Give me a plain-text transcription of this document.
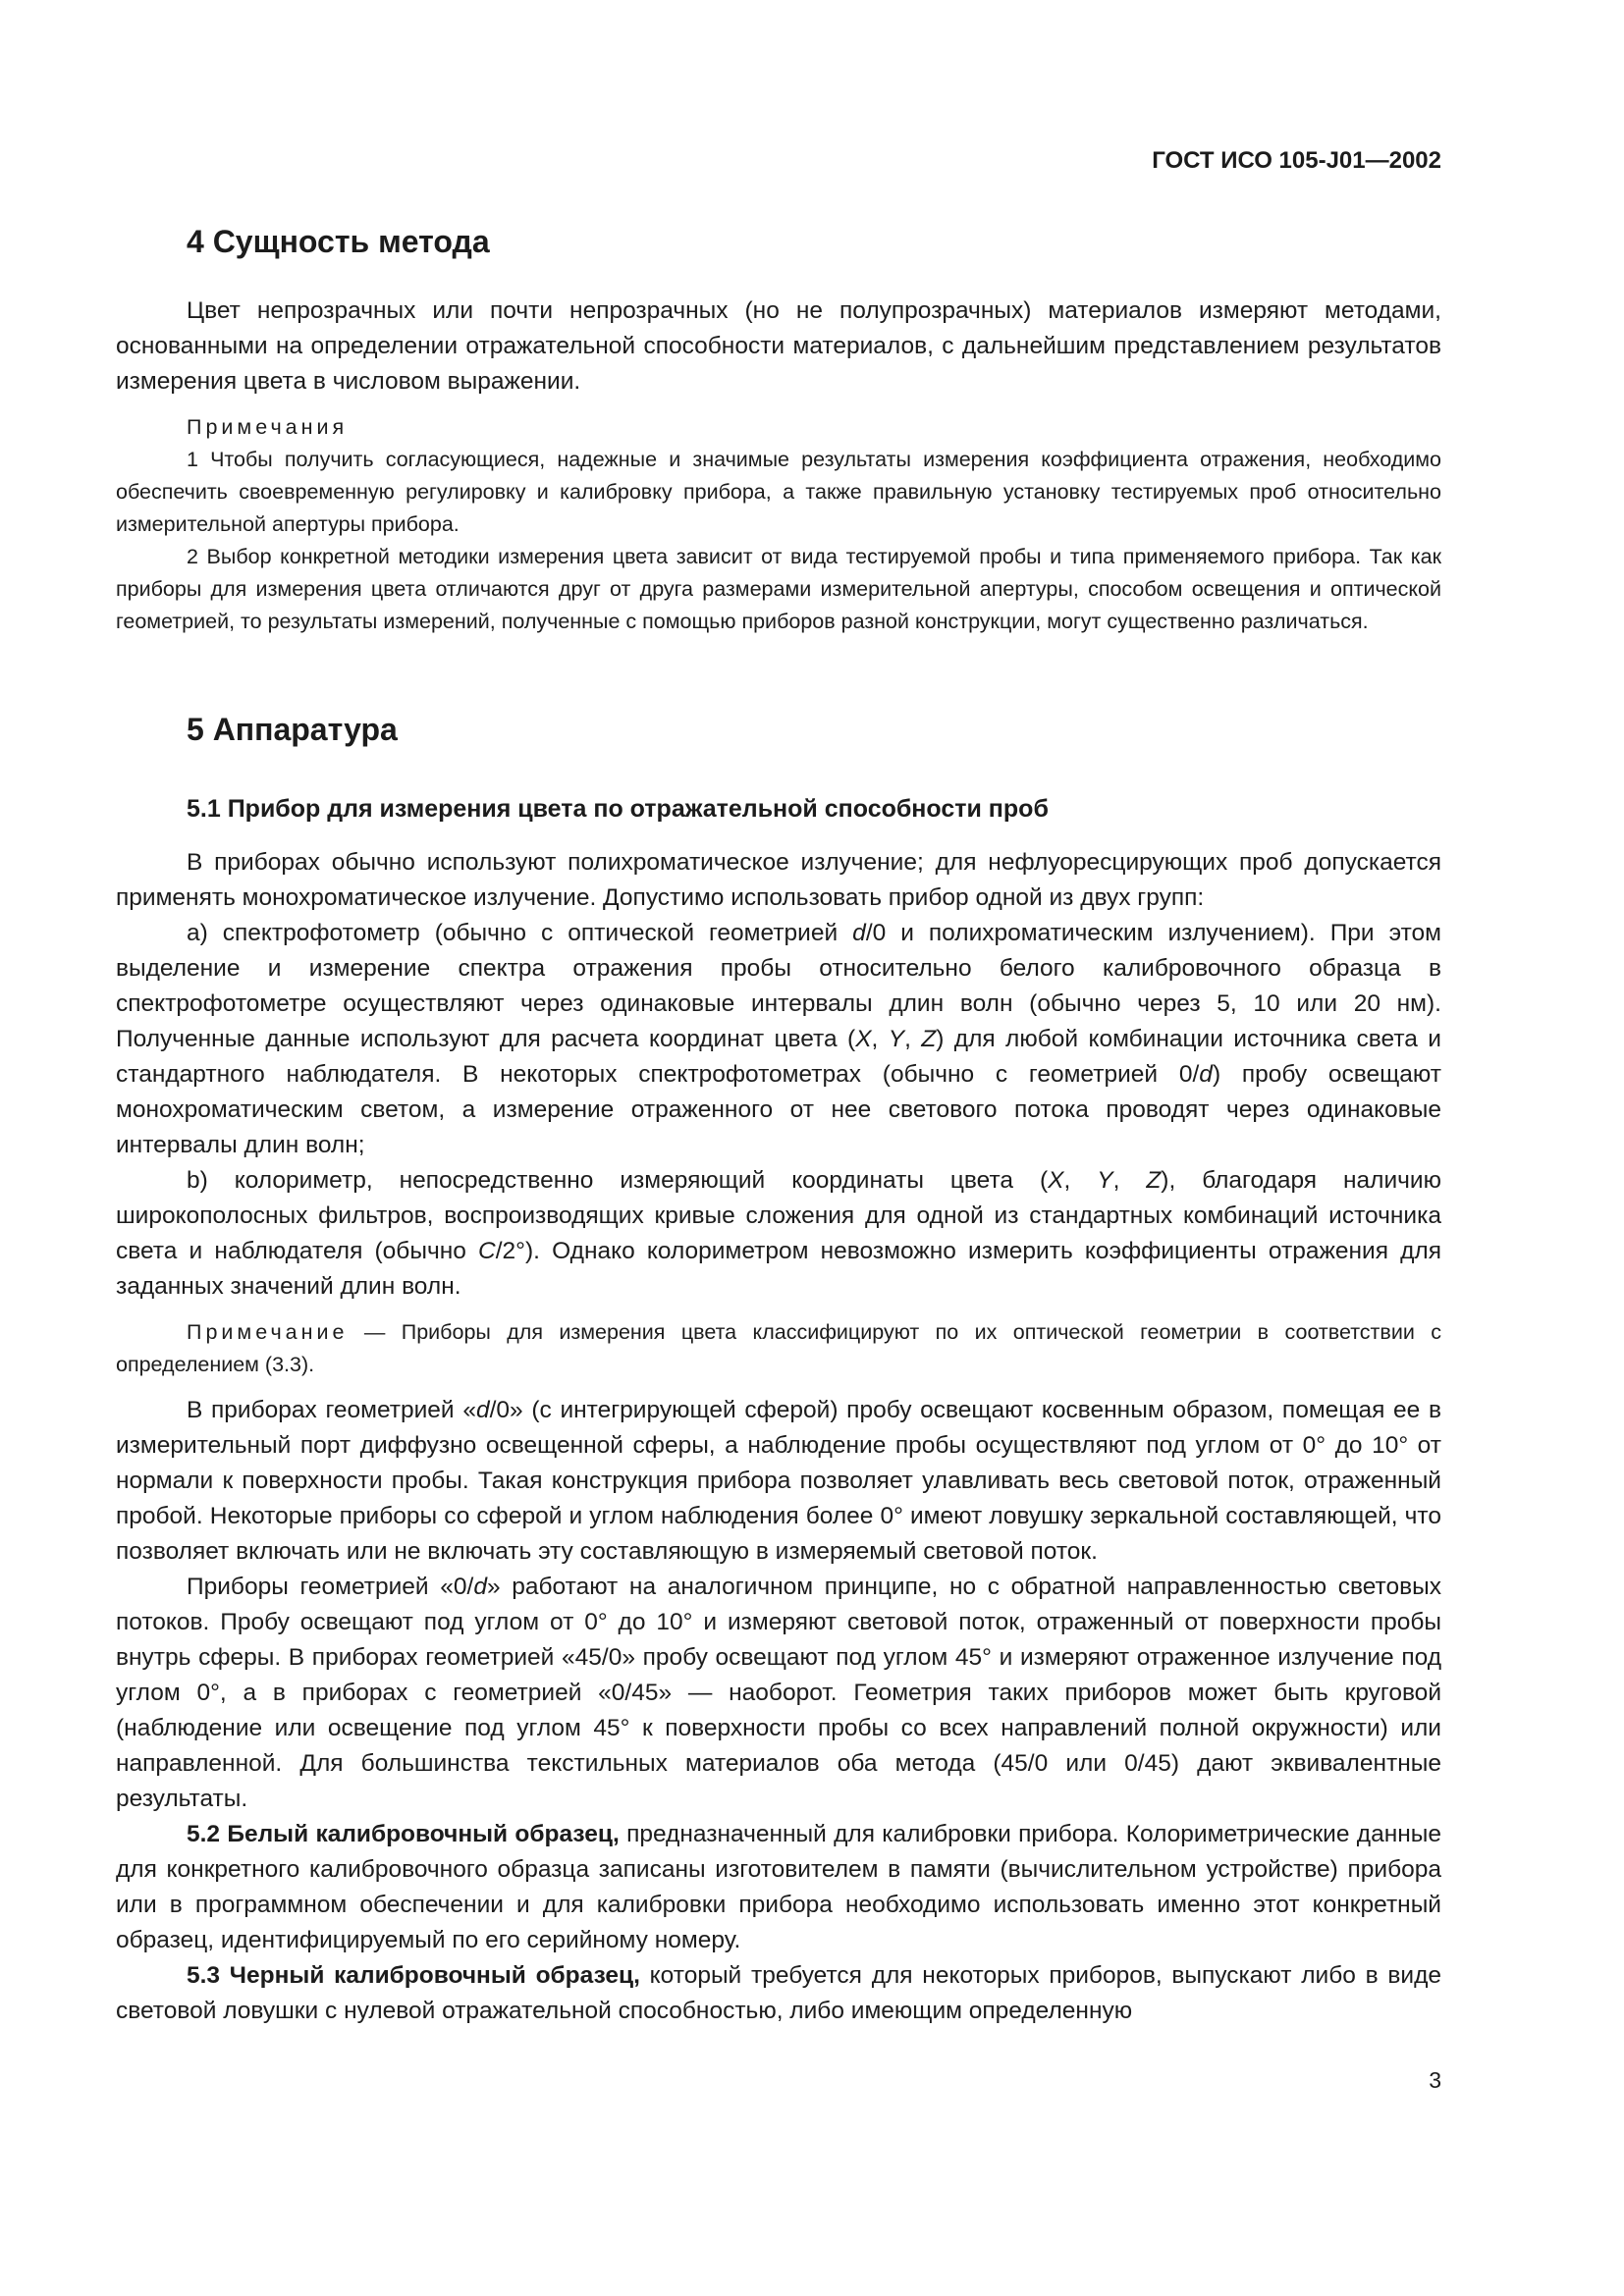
ГОСТ ИСО 105-J01—2002
4 Сущность метода

Цвет непрозрачных или почти непрозрачных (но не полупрозрачных) материалов измеряют методами, основанными на определении отражательной способности материалов, с дальнейшим представлением результатов измерения цвета в числовом выражении.

Примечания

1 Чтобы получить согласующиеся, надежные и значимые результаты измерения коэффициента отражения, необходимо обеспечить своевременную регулировку и калибровку прибора, а также правильную установку тестируемых проб относительно измерительной апертуры прибора.

2 Выбор конкретной методики измерения цвета зависит от вида тестируемой пробы и типа применяемого прибора. Так как приборы для измерения цвета отличаются друг от друга размерами измерительной апертуры, способом освещения и оптической геометрией, то результаты измерений, полученные с помощью приборов разной конструкции, могут существенно различаться.

5 Аппаратура
5.1 Прибор для измерения цвета по отражательной способности проб

В приборах обычно используют полихроматическое излучение; для нефлуоресцирующих проб допускается применять монохроматическое излучение. Допустимо использовать прибор одной из двух групп:

а) спектрофотометр (обычно с оптической геометрией d/0 и полихроматическим излучением). При этом выделение и измерение спектра отражения пробы относительно белого калибровочного образца в спектрофотометре осуществляют через одинаковые интервалы длин волн (обычно через 5, 10 или 20 нм). Полученные данные используют для расчета координат цвета (X, Y, Z) для любой комбинации источника света и стандартного наблюдателя. В некоторых спектрофотометрах (обычно с геометрией 0/d) пробу освещают монохроматическим светом, а измерение отраженного от нее светового потока проводят через одинаковые интервалы длин волн;

b) колориметр, непосредственно измеряющий координаты цвета (X, Y, Z), благодаря наличию широкополосных фильтров, воспроизводящих кривые сложения для одной из стандартных комбинаций источника света и наблюдателя (обычно C/2°). Однако колориметром невозможно измерить коэффициенты отражения для заданных значений длин волн.

Примечание — Приборы для измерения цвета классифицируют по их оптической геометрии в соответствии с определением (3.3).

В приборах геометрией «d/0» (с интегрирующей сферой) пробу освещают косвенным образом, помещая ее в измерительный порт диффузно освещенной сферы, а наблюдение пробы осуществляют под углом от 0° до 10° от нормали к поверхности пробы. Такая конструкция прибора позволяет улавливать весь световой поток, отраженный пробой. Некоторые приборы со сферой и углом наблюдения более 0° имеют ловушку зеркальной составляющей, что позволяет включать или не включать эту составляющую в измеряемый световой поток.

Приборы геометрией «0/d» работают на аналогичном принципе, но с обратной направленностью световых потоков. Пробу освещают под углом от 0° до 10° и измеряют световой поток, отраженный от поверхности пробы внутрь сферы. В приборах геометрией «45/0» пробу освещают под углом 45° и измеряют отраженное излучение под углом 0°, а в приборах с геометрией «0/45» — наоборот. Геометрия таких приборов может быть круговой (наблюдение или освещение под углом 45° к поверхности пробы со всех направлений полной окружности) или направленной. Для большинства текстильных материалов оба метода (45/0 или 0/45) дают эквивалентные результаты.

5.2 Белый калибровочный образец, предназначенный для калибровки прибора. Колориметрические данные для конкретного калибровочного образца записаны изготовителем в памяти (вычислительном устройстве) прибора или в программном обеспечении и для калибровки прибора необходимо использовать именно этот конкретный образец, идентифицируемый по его серийному номеру.

5.3 Черный калибровочный образец, который требуется для некоторых приборов, выпускают либо в виде световой ловушки с нулевой отражательной способностью, либо имеющим определенную

3
